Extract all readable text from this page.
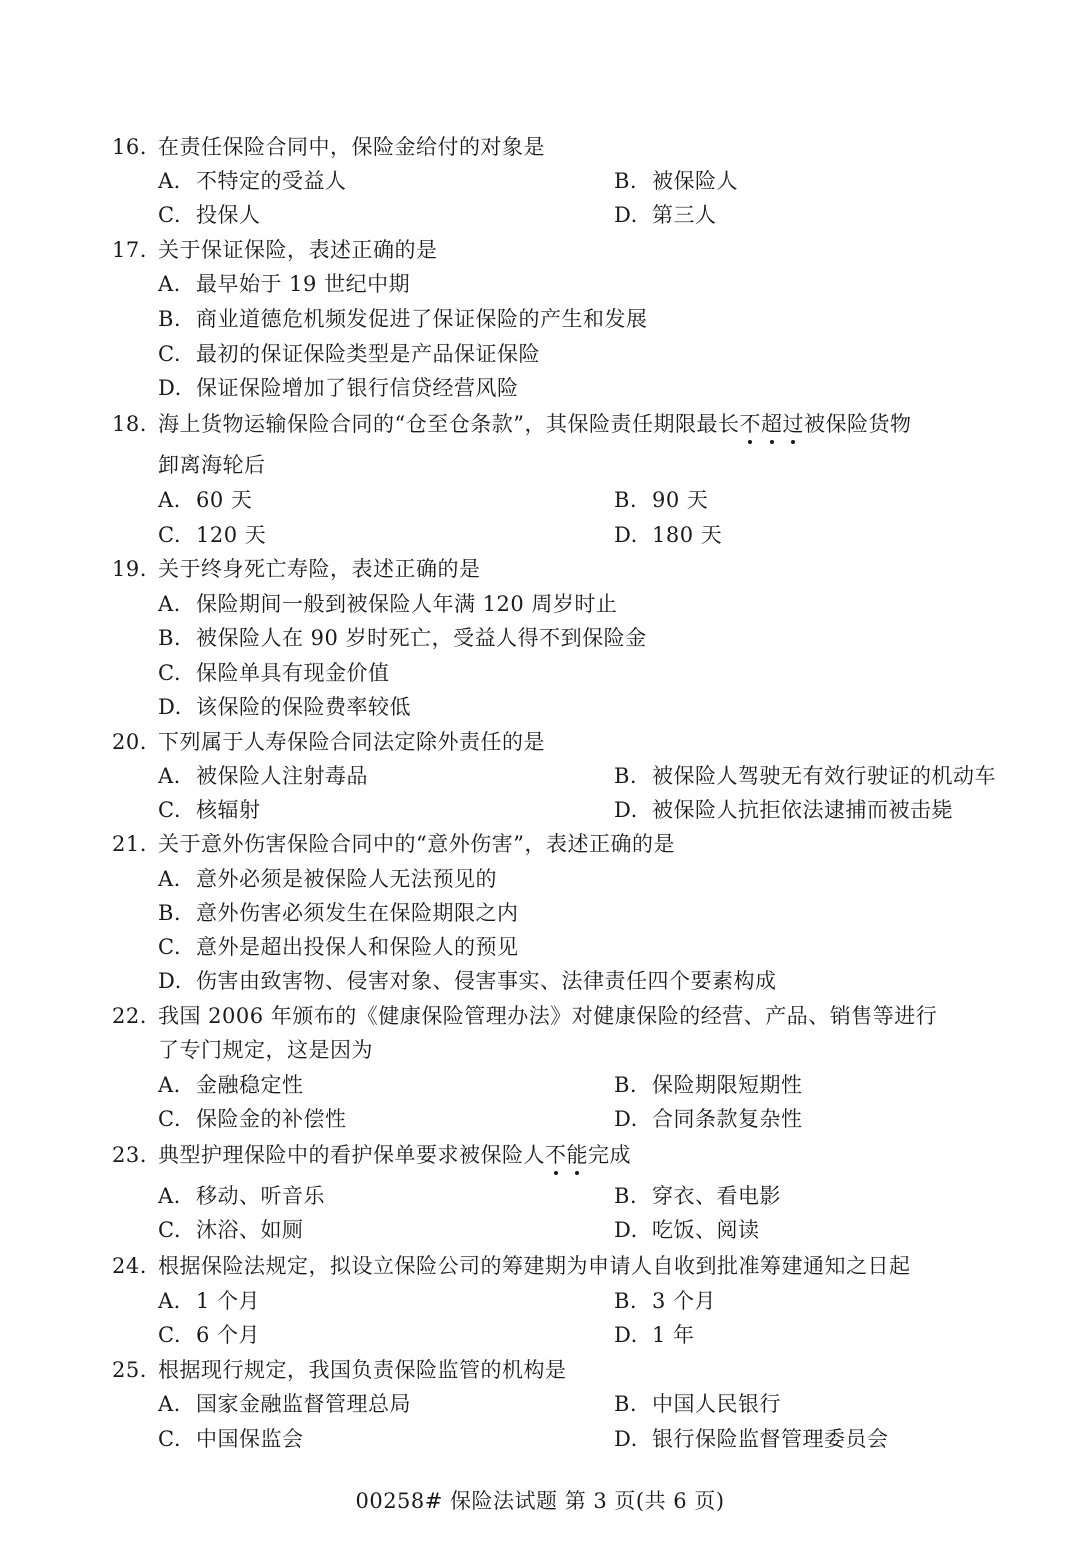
16. 在责任保险合同中，保险金给付的对象是
A. 不特定的受益人	B. 被保险人
C. 投保人	D. 第三人
17. 关于保证保险，表述正确的是
A. 最早始于 19 世纪中期
B. 商业道德危机频发促进了保证保险的产生和发展
C. 最初的保证保险类型是产品保证保险
D. 保证保险增加了银行信贷经营风险
18. 海上货物运输保险合同的“仓至仓条款”，其保险责任期限最长不超过被保险货物
卸离海轮后
A. 60 天	B. 90 天
C. 120 天	D. 180 天
19. 关于终身死亡寿险，表述正确的是
A. 保险期间一般到被保险人年满 120 周岁时止
B. 被保险人在 90 岁时死亡，受益人得不到保险金
C. 保险单具有现金价值
D. 该保险的保险费率较低
20. 下列属于人寿保险合同法定除外责任的是
A. 被保险人注射毒品	B. 被保险人驾驶无有效行驶证的机动车
C. 核辐射	D. 被保险人抗拒依法逮捕而被击毙
21. 关于意外伤害保险合同中的“意外伤害”，表述正确的是
A. 意外必须是被保险人无法预见的
B. 意外伤害必须发生在保险期限之内
C. 意外是超出投保人和保险人的预见
D. 伤害由致害物、侵害对象、侵害事实、法律责任四个要素构成
22. 我国 2006 年颁布的《健康保险管理办法》对健康保险的经营、产品、销售等进行
了专门规定，这是因为
A. 金融稳定性	B. 保险期限短期性
C. 保险金的补偿性	D. 合同条款复杂性
23. 典型护理保险中的看护保单要求被保险人不能完成
A. 移动、听音乐	B. 穿衣、看电影
C. 沐浴、如厕	D. 吃饭、阅读
24. 根据保险法规定，拟设立保险公司的筹建期为申请人自收到批准筹建通知之日起
A. 1 个月	B. 3 个月
C. 6 个月	D. 1 年
25. 根据现行规定，我国负责保险监管的机构是
A. 国家金融监督管理总局	B. 中国人民银行
C. 中国保监会	D. 银行保险监督管理委员会
00258# 保险法试题 第 3 页(共 6 页)
